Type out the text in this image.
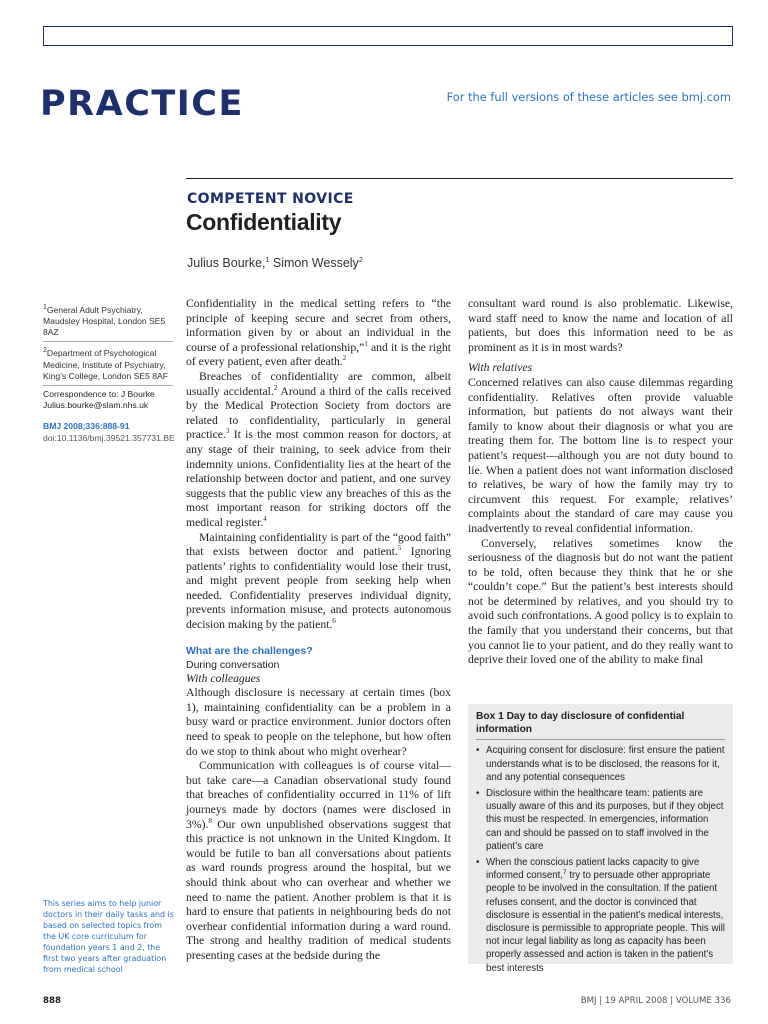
PRACTICE	For the full versions of these articles see bmj.com
COMPETENT NOVICE
Confidentiality
Julius Bourke,$^1$ Simon Wessely$^2$
$^1$General Adult Psychiatry, Maudsley Hospital, London SE5 8AZ
$^2$Department of Psychological Medicine, Institute of Psychiatry, King’s College, London SE5 8AF
Correspondence to: J Bourke
Julius.bourke@slam.nhs.uk
BMJ 2008;336:888-91
doi:10.1136/bmj.39521.357731.BE
This series aims to help junior doctors in their daily tasks and is based on selected topics from the UK core curriculum for foundation years 1 and 2, the first two years after graduation from medical school

Confidentiality in the medical setting refers to “the principle of keeping secure and secret from others, information given by or about an individual in the course of a professional relationship,”$^1$ and it is the right of every patient, even after death.$^2$

Breaches of confidentiality are common, albeit usually accidental.$^2$ Around a third of the calls received by the Medical Protection Society from doctors are related to confidentiality, particularly in general practice.$^3$ It is the most common reason for doctors, at any stage of their training, to seek advice from their indemnity unions. Confidentiality lies at the heart of the relationship between doctor and patient, and one survey suggests that the public view any breaches of this as the most important reason for striking doctors off the medical register.$^4$

Maintaining confidentiality is part of the “good faith” that exists between doctor and patient.$^5$ Ignoring patients’ rights to confidentiality would lose their trust, and might prevent people from seeking help when needed. Confidentiality preserves individual dignity, prevents information misuse, and protects autonomous decision making by the patient.$^6$

What are the challenges?
During conversation
With colleagues

Although disclosure is necessary at certain times (box 1), maintaining confidentiality can be a problem in a busy ward or practice environment. Junior doctors often need to speak to people on the telephone, but how often do we stop to think about who might overhear?

Communication with colleagues is of course vital—but take care—a Canadian observational study found that breaches of confidentiality occurred in 11% of lift journeys made by doctors (names were disclosed in 3%).$^8$ Our own unpublished observations suggest that this practice is not unknown in the United Kingdom. It would be futile to ban all conversations about patients as ward rounds progress around the hospital, but we should think about who can overhear and whether we need to name the patient. Another problem is that it is hard to ensure that patients in neighbouring beds do not overhear confidential information during a ward round. The strong and healthy tradition of medical students presenting cases at the bedside during the

consultant ward round is also problematic. Likewise, ward staff need to know the name and location of all patients, but does this information need to be as prominent as it is in most wards?

With relatives

Concerned relatives can also cause dilemmas regarding confidentiality. Relatives often provide valuable information, but patients do not always want their family to know about their diagnosis or what you are treating them for. The bottom line is to respect your patient’s request—although you are not duty bound to lie. When a patient does not want information disclosed to relatives, be wary of how the family may try to circumvent this request. For example, relatives’ complaints about the standard of care may cause you inadvertently to reveal confidential information.

Conversely, relatives sometimes know the seriousness of the diagnosis but do not want the patient to be told, often because they think that he or she “couldn’t cope.” But the patient’s best interests should not be determined by relatives, and you should try to avoid such confrontations. A good policy is to explain to the family that you understand their concerns, but that you cannot lie to your patient, and do they really want to deprive their loved one of the ability to make final

Box 1 Day to day disclosure of confidential information
• Acquiring consent for disclosure: first ensure the patient understands what is to be disclosed, the reasons for it, and any potential consequences
• Disclosure within the healthcare team: patients are usually aware of this and its purposes, but if they object this must be respected. In emergencies, information can and should be passed on to staff involved in the patient’s care
• When the conscious patient lacks capacity to give informed consent,$^7$ try to persuade other appropriate people to be involved in the consultation. If the patient refuses consent, and the doctor is convinced that disclosure is essential in the patient’s medical interests, disclosure is permissible to appropriate people. This will not incur legal liability as long as capacity has been properly assessed and action is taken in the patient’s best interests
888	BMJ | 19 APRIL 2008 | VOLUME 336
